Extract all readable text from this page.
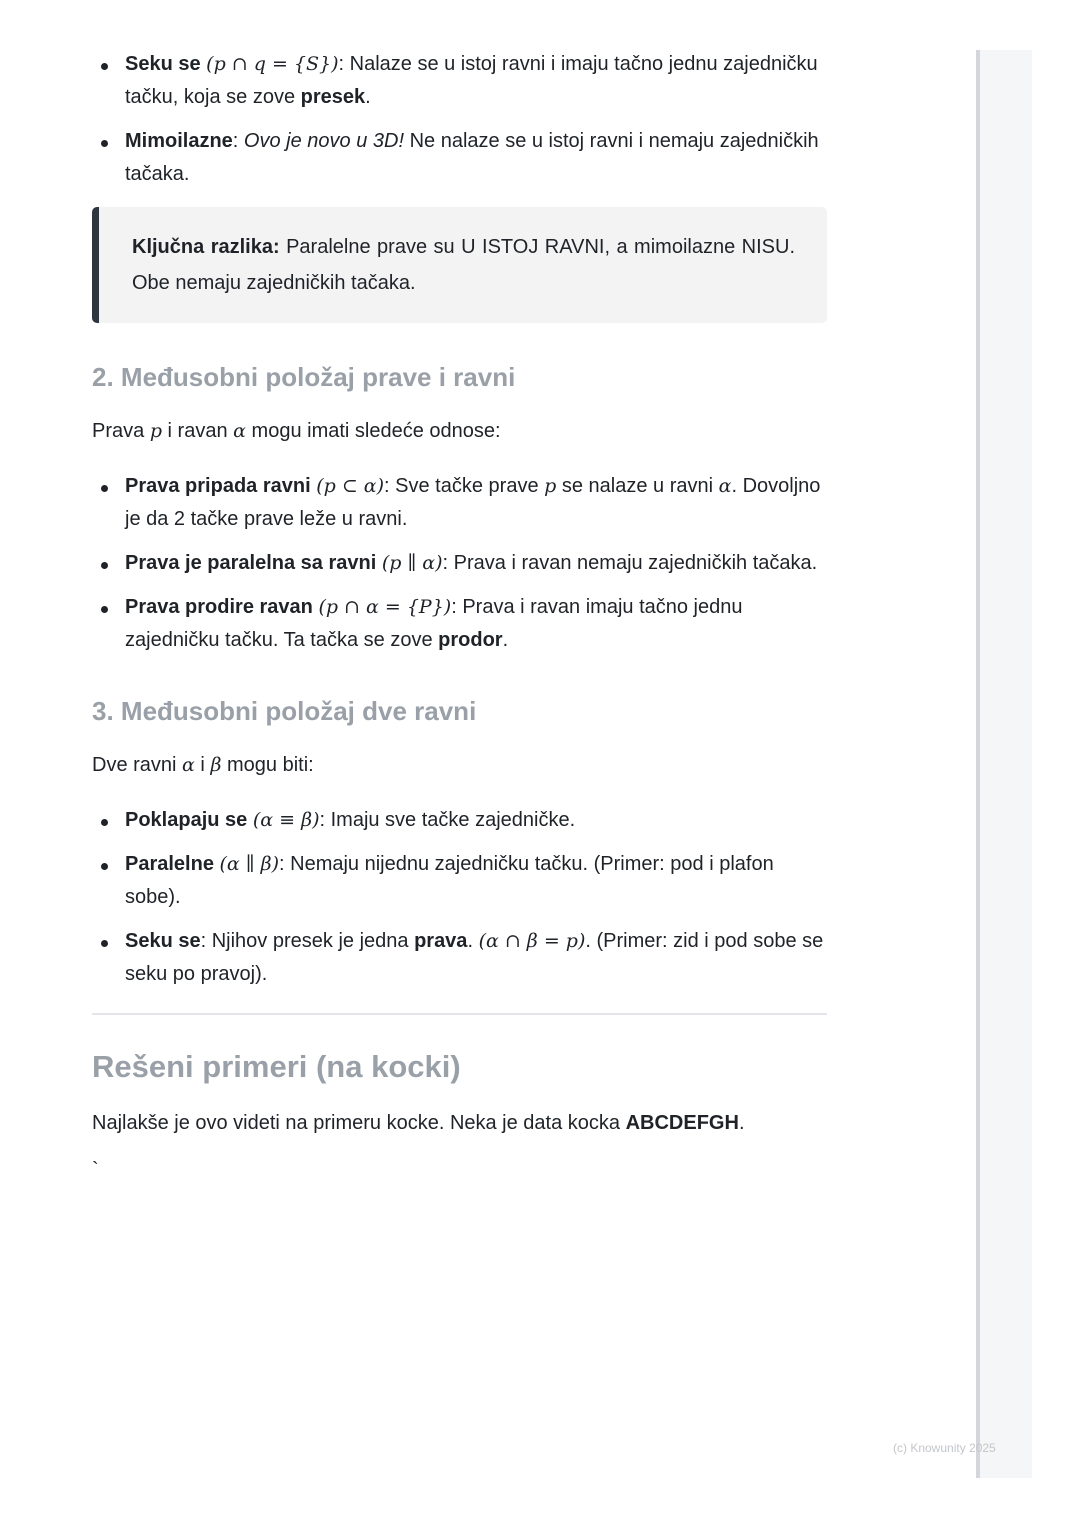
Seku se (p ∩ q = {S}): Nalaze se u istoj ravni i imaju tačno jednu zajedničku tačku, koja se zove presek.
Mimoilazne: Ovo je novo u 3D! Ne nalaze se u istoj ravni i nemaju zajedničkih tačaka.
Ključna razlika: Paralelne prave su U ISTOJ RAVNI, a mimoilazne NISU. Obe nemaju zajedničkih tačaka.
2. Međusobni položaj prave i ravni

Prava p i ravan α mogu imati sledeće odnose:

Prava pripada ravni (p ⊂ α): Sve tačke prave p se nalaze u ravni α. Dovoljno je da 2 tačke prave leže u ravni.
Prava je paralelna sa ravni (p ∥ α): Prava i ravan nemaju zajedničkih tačaka.
Prava prodire ravan (p ∩ α = {P}): Prava i ravan imaju tačno jednu zajedničku tačku. Ta tačka se zove prodor.
3. Međusobni položaj dve ravni

Dve ravni α i β mogu biti:

Poklapaju se (α ≡ β): Imaju sve tačke zajedničke.
Paralelne (α ∥ β): Nemaju nijednu zajedničku tačku. (Primer: pod i plafon sobe).
Seku se: Njihov presek je jedna prava. (α ∩ β = p). (Primer: zid i pod sobe se seku po pravoj).
Rešeni primeri (na kocki)

Najlakše je ovo videti na primeru kocke. Neka je data kocka ABCDEFGH.

`
(c) Knowunity 2025
